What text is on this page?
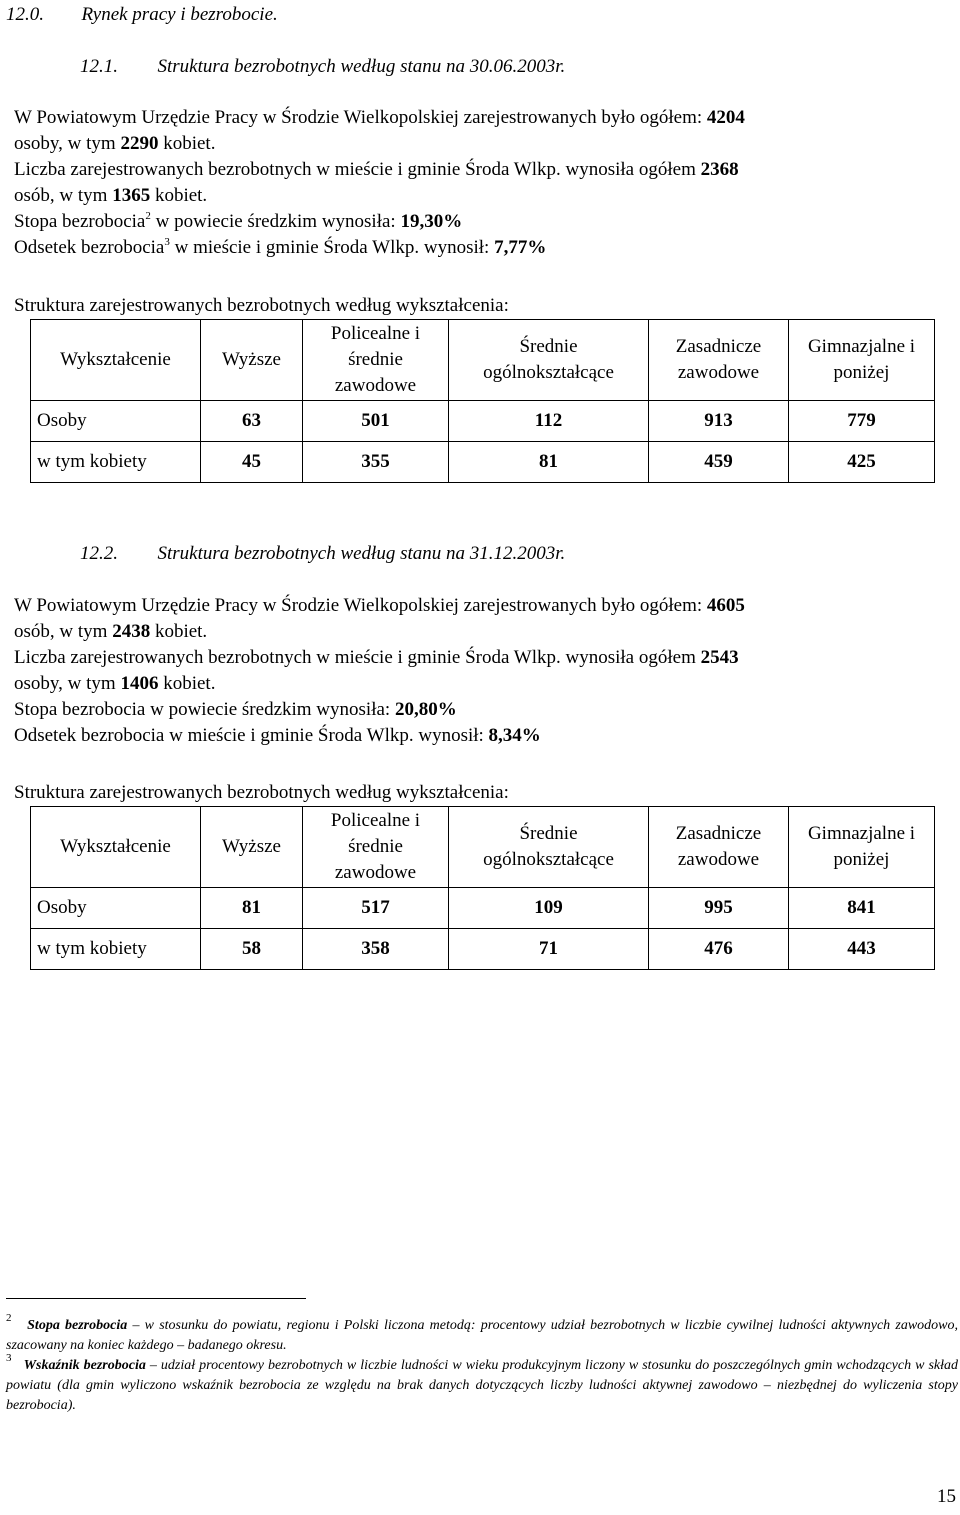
12.0. Rynek pracy i bezrobocie.
12.1. Struktura bezrobotnych według stanu na 30.06.2003r.

W Powiatowym Urzędzie Pracy w Środzie Wielkopolskiej zarejestrowanych było ogółem: 4204

osoby, w tym 2290 kobiet.

Liczba zarejestrowanych bezrobotnych w mieście i gminie Środa Wlkp. wynosiła ogółem 2368

osób, w tym 1365 kobiet.

Stopa bezrobocia$^2$ w powiecie średzkim wynosiła: 19,30%

Odsetek bezrobocia$^3$ w mieście i gminie Środa Wlkp. wynosił: 7,77%

Struktura zarejestrowanych bezrobotnych według wykształcenia:
Wykształcenie	Wyższe	Policealne i średnie zawodowe	Średnie ogólnokształcące	Zasadnicze zawodowe	Gimnazjalne i poniżej

Osoby	63	501	112	913	779
w tym kobiety	45	355	81	459	425
12.2. Struktura bezrobotnych według stanu na 31.12.2003r.

W Powiatowym Urzędzie Pracy w Środzie Wielkopolskiej zarejestrowanych było ogółem: 4605

osób, w tym 2438 kobiet.

Liczba zarejestrowanych bezrobotnych w mieście i gminie Środa Wlkp. wynosiła ogółem 2543

osoby, w tym 1406 kobiet.

Stopa bezrobocia w powiecie średzkim wynosiła: 20,80%

Odsetek bezrobocia w mieście i gminie Środa Wlkp. wynosił: 8,34%

Struktura zarejestrowanych bezrobotnych według wykształcenia:
Wykształcenie	Wyższe	Policealne i średnie zawodowe	Średnie ogólnokształcące	Zasadnicze zawodowe	Gimnazjalne i poniżej

Osoby	81	517	109	995	841
w tym kobiety	58	358	71	476	443

$^2$ Stopa bezrobocia – w stosunku do powiatu, regionu i Polski liczona metodą: procentowy udział bezrobotnych w liczbie cywilnej ludności aktywnych zawodowo, szacowany na koniec każdego – badanego okresu.

$^3$ Wskaźnik bezrobocia – udział procentowy bezrobotnych w liczbie ludności w wieku produkcyjnym liczony w stosunku do poszczególnych gmin wchodzących w skład powiatu (dla gmin wyliczono wskaźnik bezrobocia ze względu na brak danych dotyczących liczby ludności aktywnej zawodowo – niezbędnej do wyliczenia stopy bezrobocia).

15
